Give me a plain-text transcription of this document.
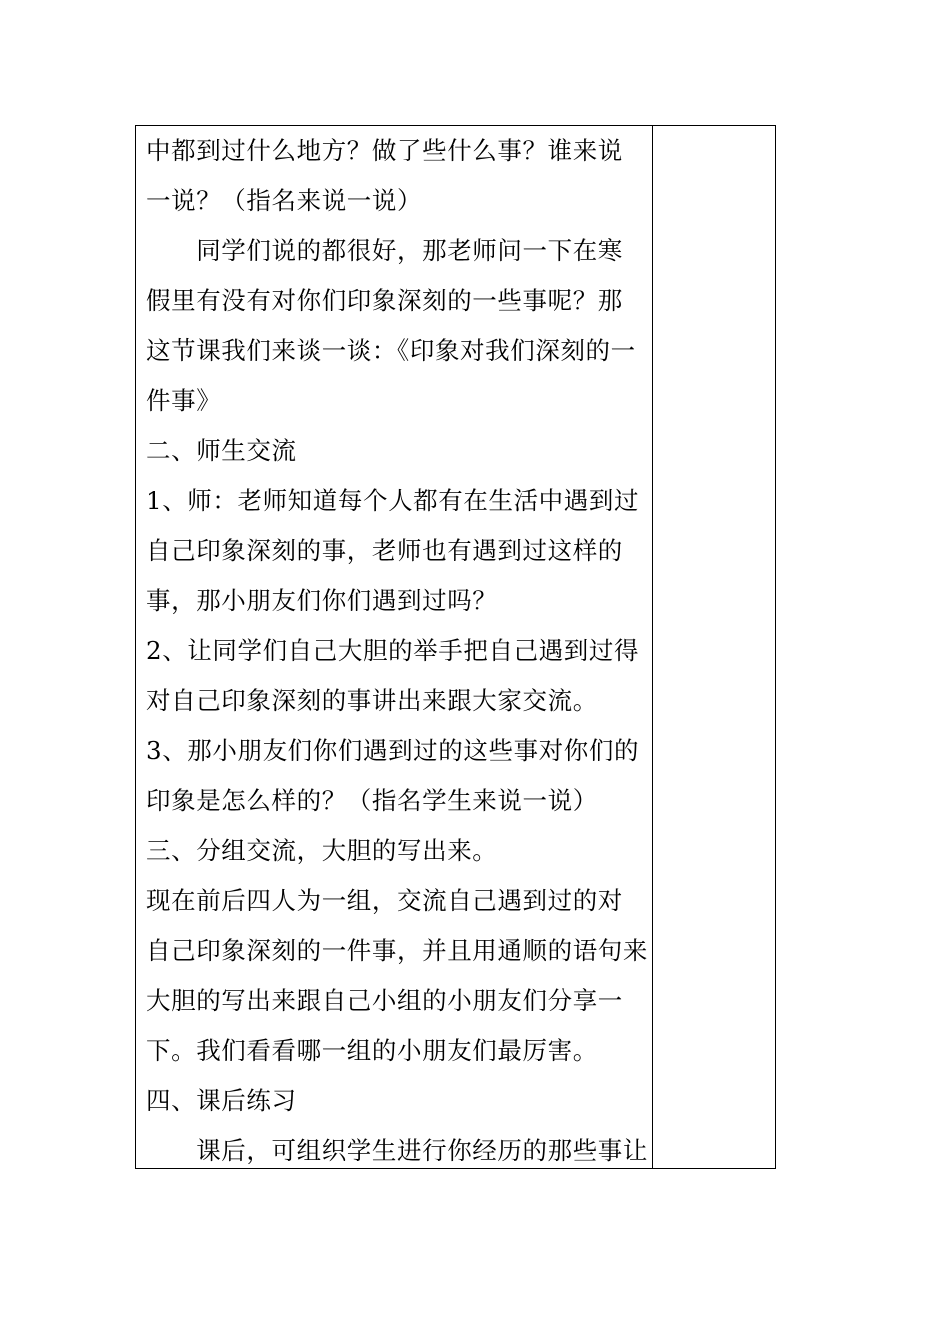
中都到过什么地方？做了些什么事？谁来说
一说？（指名来说一说）
　　同学们说的都很好，那老师问一下在寒
假里有没有对你们印象深刻的一些事呢？那
这节课我们来谈一谈：《印象对我们深刻的一
件事》
二、师生交流
1、师：老师知道每个人都有在生活中遇到过
自己印象深刻的事，老师也有遇到过这样的
事，那小朋友们你们遇到过吗？
2、让同学们自己大胆的举手把自己遇到过得
对自己印象深刻的事讲出来跟大家交流。
3、那小朋友们你们遇到过的这些事对你们的
印象是怎么样的？（指名学生来说一说）
三、分组交流，大胆的写出来。
现在前后四人为一组，交流自己遇到过的对
自己印象深刻的一件事，并且用通顺的语句来
大胆的写出来跟自己小组的小朋友们分享一
下。我们看看哪一组的小朋友们最厉害。
四、课后练习
　　课后，可组织学生进行你经历的那些事让
